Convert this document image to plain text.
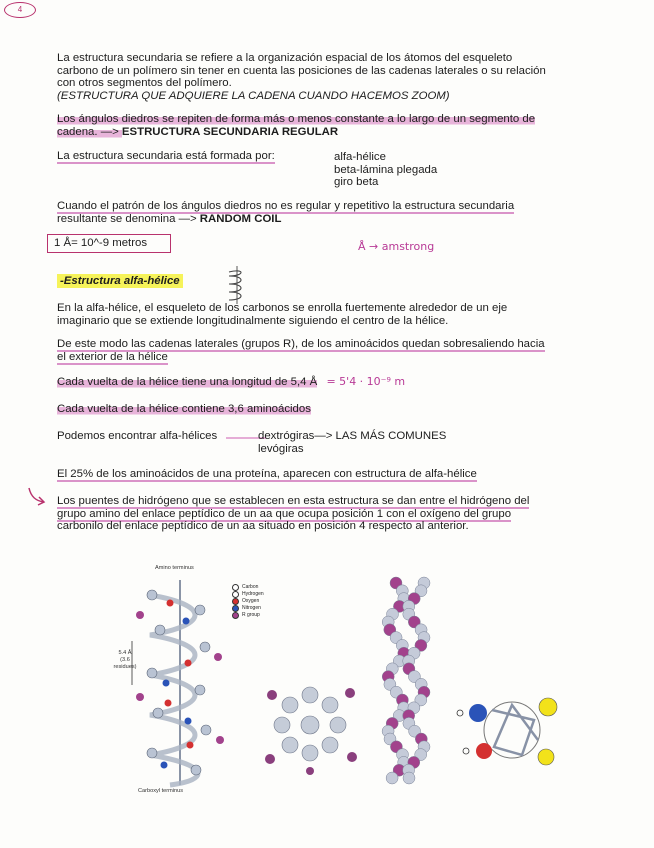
4
La estructura secundaria se refiere a la organización espacial de los átomos del esqueleto
carbono de un polímero sin tener en cuenta las posiciones de las cadenas laterales o su relación
con otros segmentos del polímero.
(ESTRUCTURA QUE ADQUIERE LA CADENA CUANDO HACEMOS ZOOM)
Los ángulos diedros se repiten de forma más o menos constante a lo largo de un segmento de
cadena. —> ESTRUCTURA SECUNDARIA REGULAR
La estructura secundaria está formada por:	alfa-hélice
beta-lámina plegada
giro beta
Cuando el patrón de los ángulos diedros no es regular y repetitivo la estructura secundaria
resultante se denomina —> RANDOM COIL
1 Å= 10^-9 metros	Å → amstrong
-Estructura alfa-hélice
En la alfa-hélice, el esqueleto de los carbonos se enrolla fuertemente alrededor de un eje
imaginario que se extiende longitudinalmente siguiendo el centro de la hélice.
De este modo las cadenas laterales (grupos R), de los aminoácidos quedan sobresaliendo hacia
el exterior de la hélice
Cada vuelta de la hélice tiene una longitud de 5,4 Å = 5'4 · 10⁻⁹ m
Cada vuelta de la hélice contiene 3,6 aminoácidos
Podemos encontrar alfa-hélices	dextrógiras—> LAS MÁS COMUNES
levógiras
El 25% de los aminoácidos de una proteína, aparecen con estructura de alfa-hélice
Los puentes de hidrógeno que se establecen en esta estructura se dan entre el hidrógeno del
grupo amino del enlace peptídico de un aa que ocupa posición 1 con el oxígeno del grupo
carbonilo del enlace peptídico de un aa situado en posición 4 respecto al anterior.
Amino terminus
Carboxyl terminus
5.4 Å
(3.6 residues)
Carbon
Hydrogen
Oxygen
Nitrogen
R group
